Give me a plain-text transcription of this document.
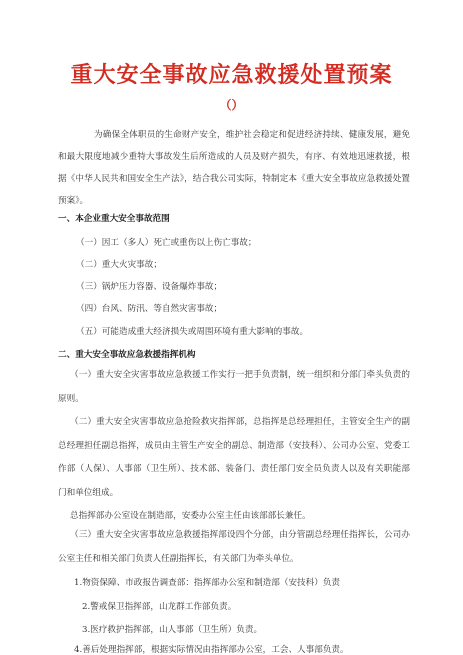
重大安全事故应急救援处置预案

（）

为确保全体职员的生命财产安全，维护社会稳定和促进经济持续、健康发展，避免和最大限度地减少重特大事故发生后所造成的人员及财产损失，有序、有效地迅速救援，根据《中华人民共和国安全生产法》，结合我公司实际，特制定本《重大安全事故应急救援处置预案》。

一、本企业重大安全事故范围

（一）因工（多人）死亡或重伤以上伤亡事故；

（二）重大火灾事故；

（三）锅炉压力容器、设备爆炸事故；

（四）台风、防汛、等自然灾害事故；

（五）可能造成重大经济损失或周围环境有重大影响的事故。

二、重大安全事故应急救援指挥机构

（一）重大安全灾害事故应急救援工作实行一把手负责制，统一组织和分部门牵头负责的原则。

（二）重大安全灾害事故应急抢险救灾指挥部，总指挥是总经理担任，主管安全生产的副总经理担任副总指挥，成员由主管生产安全的副总、制造部（安技科）、公司办公室、党委工作部（人保）、人事部（卫生所）、技术部、装备门、责任部门安全员负责人以及有关职能部门和单位组成。

总指挥部办公室设在制造部，安委办公室主任由该部部长兼任。

（三）重大安全灾害事故应急救援指挥部设四个分部，由分管副总经理任指挥长，公司办公室主任和相关部门负责人任副指挥长，有关部门为牵头单位。

1.物资保障、市政报告调查部：指挥部办公室和制造部（安技科）负责

2.警戒保卫指挥部，山龙群工作部负责。

3.医疗救护指挥部，山人事部（卫生所）负责。

4.善后处理指挥部，根据实际情况由指挥部办公室，工会、人事部负责。
